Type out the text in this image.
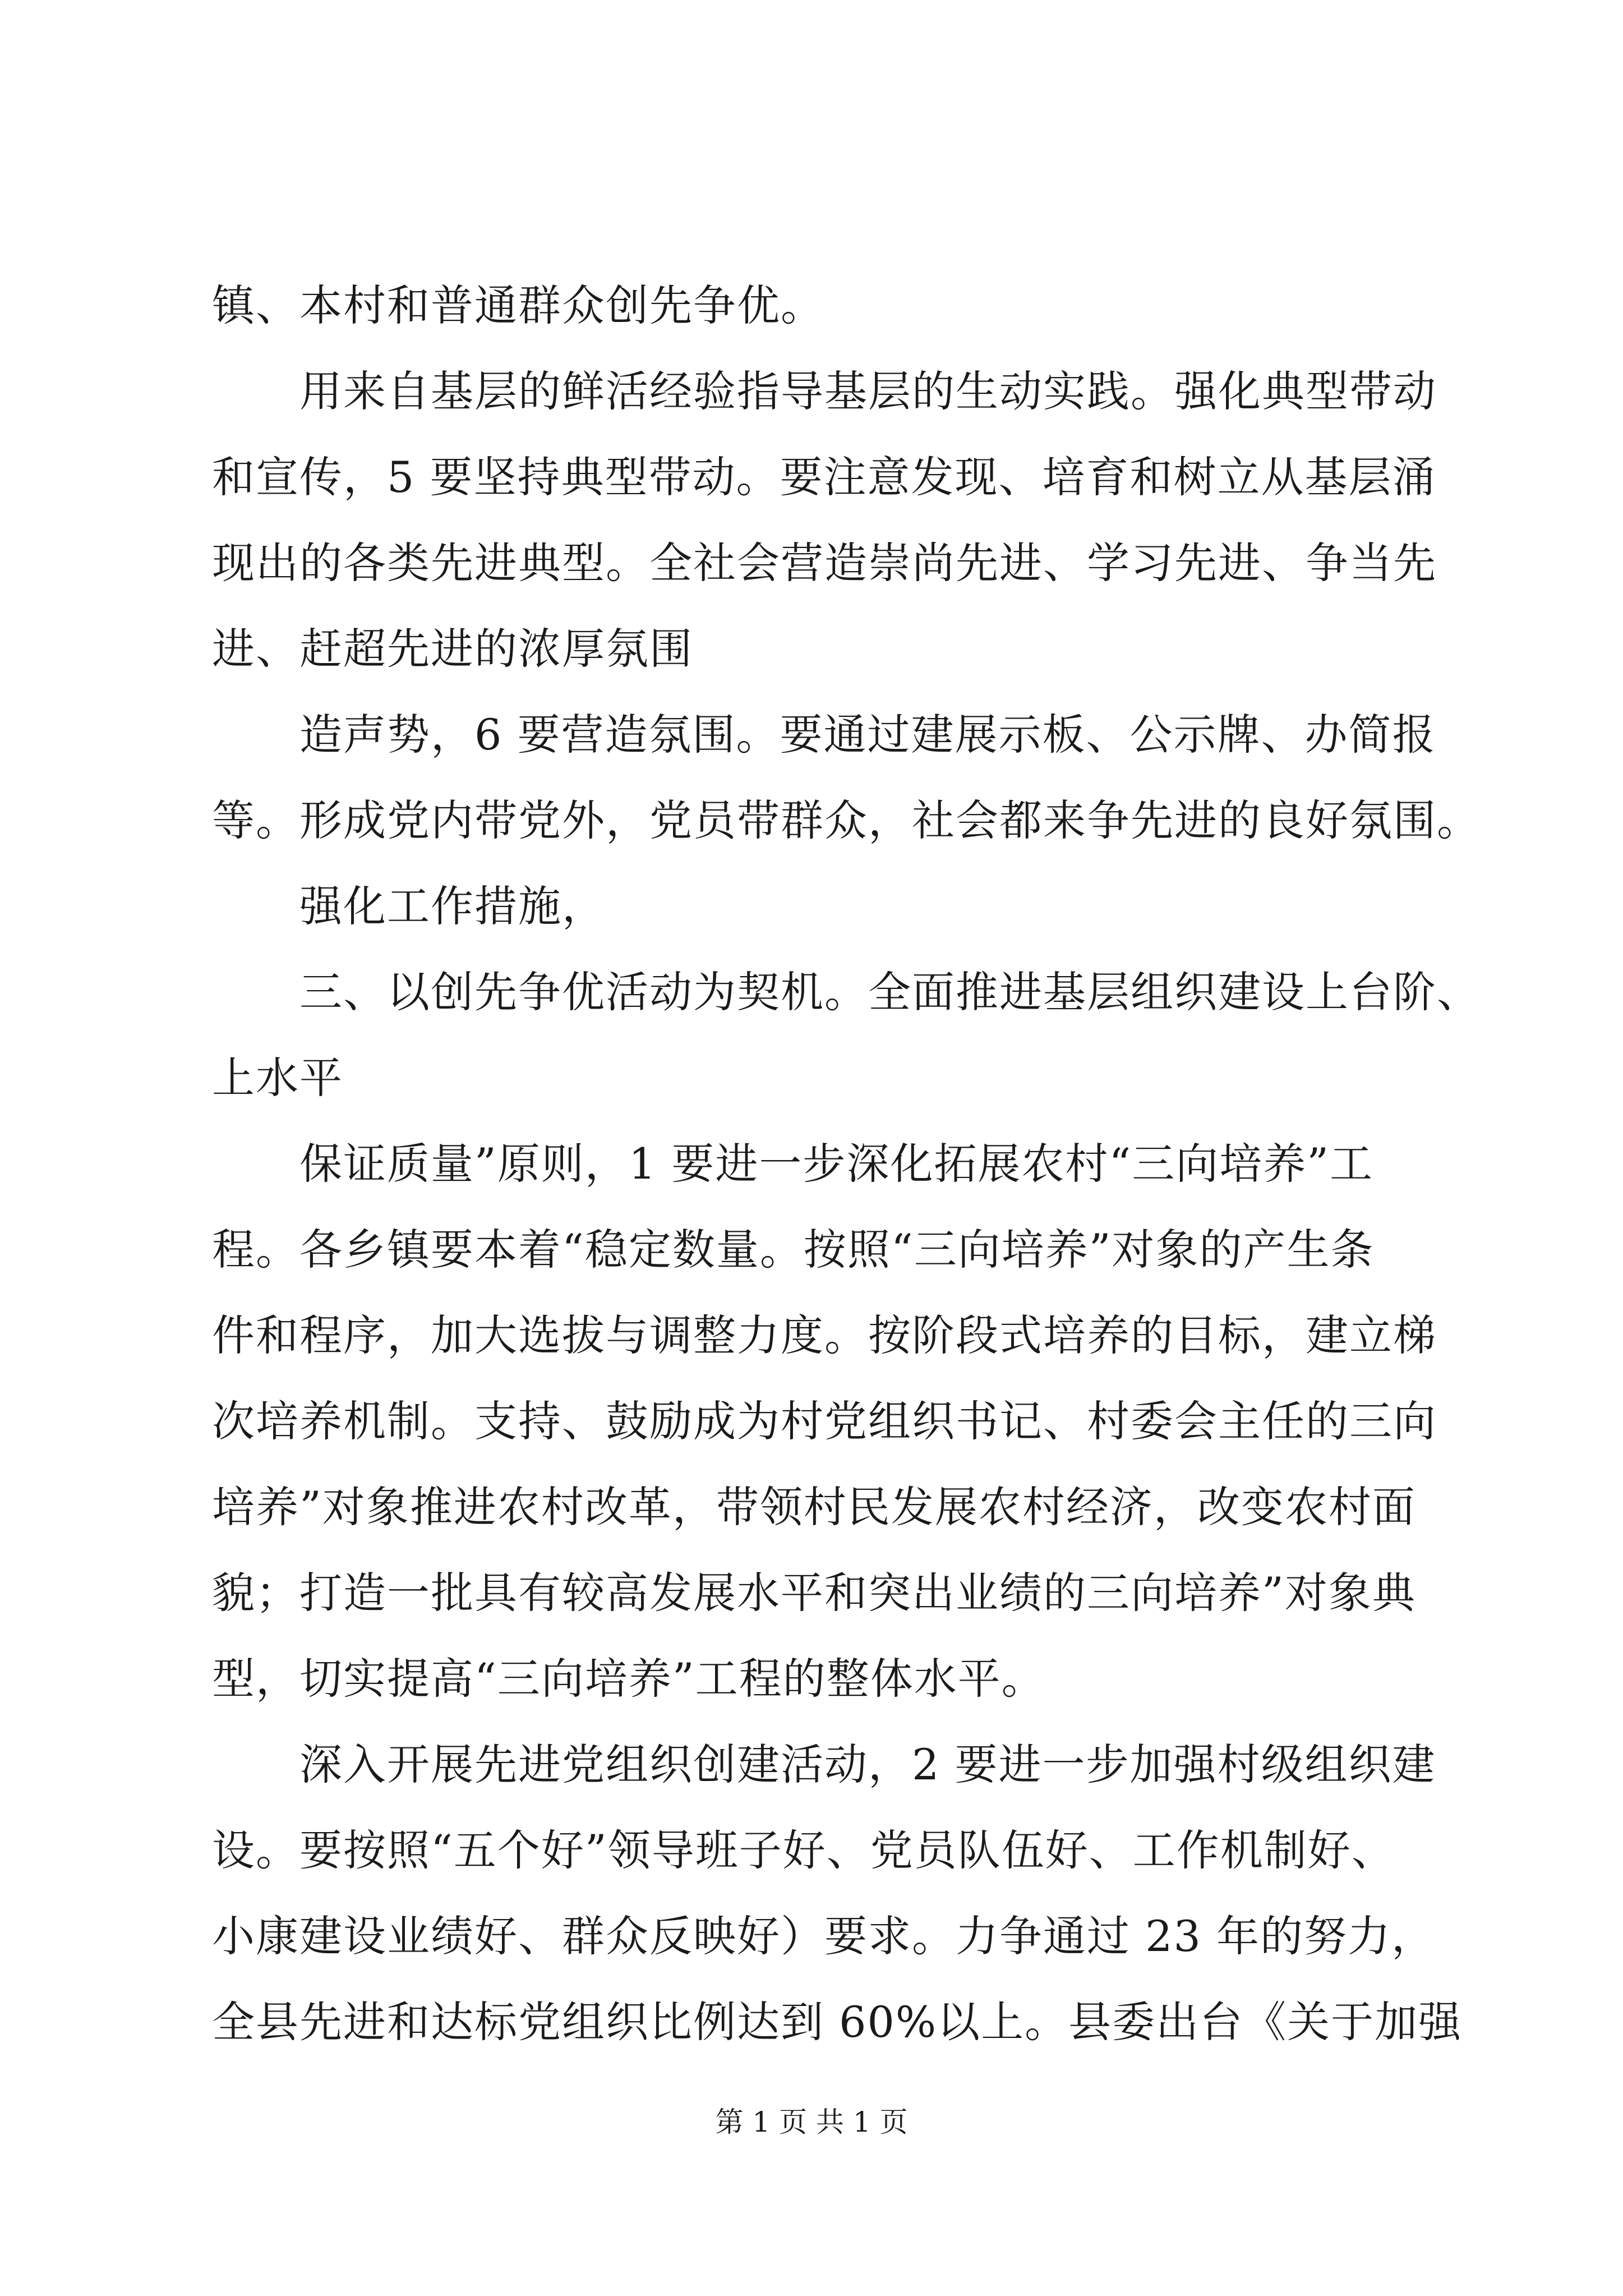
镇、本村和普通群众创先争优。
用来自基层的鲜活经验指导基层的生动实践。强化典型带动
和宣传，5 要坚持典型带动。要注意发现、培育和树立从基层涌
现出的各类先进典型。全社会营造崇尚先进、学习先进、争当先
进、赶超先进的浓厚氛围
造声势，6 要营造氛围。要通过建展示板、公示牌、办简报
等。形成党内带党外，党员带群众，社会都来争先进的良好氛围。
强化工作措施，
三、以创先争优活动为契机。全面推进基层组织建设上台阶、
上水平
保证质量”原则，1 要进一步深化拓展农村“三向培养”工
程。各乡镇要本着“稳定数量。按照“三向培养”对象的产生条
件和程序，加大选拔与调整力度。按阶段式培养的目标，建立梯
次培养机制。支持、鼓励成为村党组织书记、村委会主任的三向
培养”对象推进农村改革，带领村民发展农村经济，改变农村面
貌；打造一批具有较高发展水平和突出业绩的三向培养”对象典
型，切实提高“三向培养”工程的整体水平。
深入开展先进党组织创建活动，2 要进一步加强村级组织建
设。要按照“五个好”领导班子好、党员队伍好、工作机制好、
小康建设业绩好、群众反映好）要求。力争通过 23 年的努力，
全县先进和达标党组织比例达到 60%以上。县委出台《关于加强
第 1 页 共 1 页
